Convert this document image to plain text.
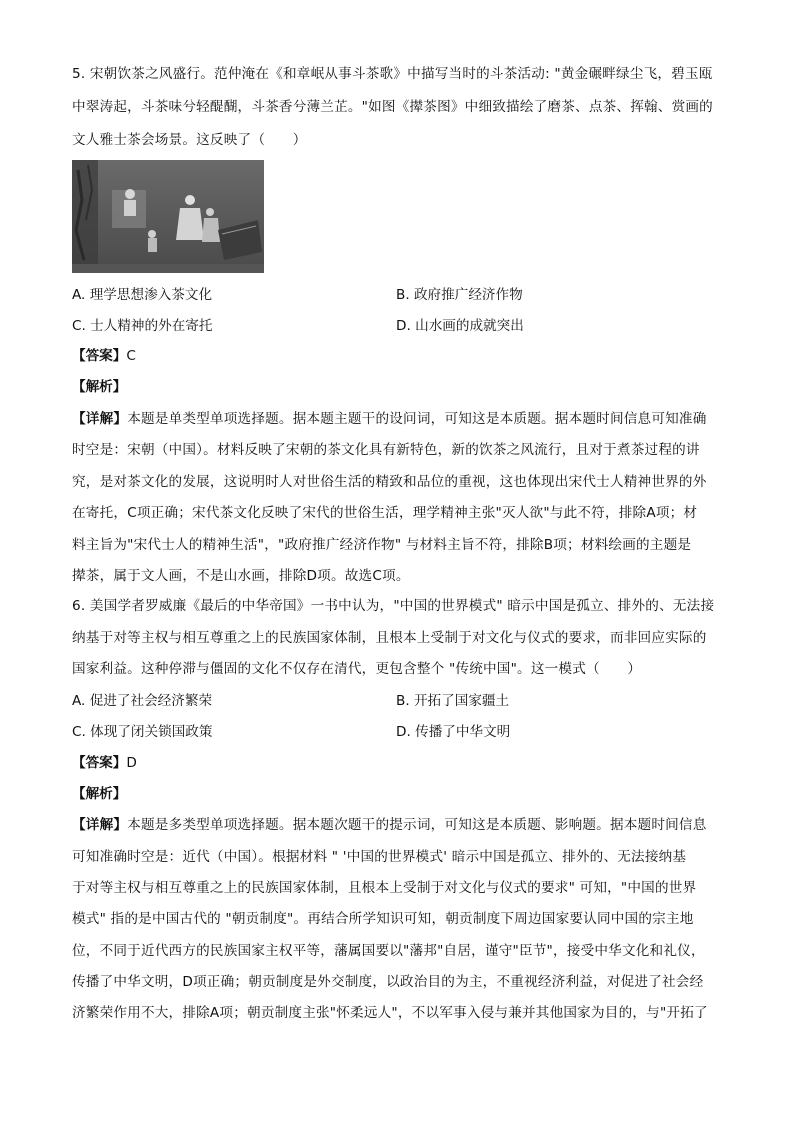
5. 宋朝饮茶之风盛行。范仲淹在《和章岷从事斗茶歌》中描写当时的斗茶活动: "黄金碾畔绿尘飞，碧玉瓯
中翠涛起，斗茶味兮轻醍醐，斗茶香兮薄兰芷。"如图《撵茶图》中细致描绘了磨茶、点茶、挥翰、赏画的
文人雅士茶会场景。这反映了（　　）
A. 理学思想渗入茶文化	B. 政府推广经济作物
C. 士人精神的外在寄托	D. 山水画的成就突出
【答案】C
【解析】
【详解】本题是单类型单项选择题。据本题主题干的设问词，可知这是本质题。据本题时间信息可知准确
时空是：宋朝（中国）。材料反映了宋朝的茶文化具有新特色，新的饮茶之风流行，且对于煮茶过程的讲
究，是对茶文化的发展，这说明时人对世俗生活的精致和品位的重视，这也体现出宋代士人精神世界的外
在寄托，C项正确；宋代茶文化反映了宋代的世俗生活，理学精神主张"灭人欲"与此不符，排除A项；材
料主旨为"宋代士人的精神生活"，"政府推广经济作物" 与材料主旨不符，排除B项；材料绘画的主题是
撵茶，属于文人画，不是山水画，排除D项。故选C项。
6. 美国学者罗威廉《最后的中华帝国》一书中认为，"中国的世界模式" 暗示中国是孤立、排外的、无法接
纳基于对等主权与相互尊重之上的民族国家体制，且根本上受制于对文化与仪式的要求，而非回应实际的
国家利益。这种停滞与僵固的文化不仅存在清代，更包含整个 "传统中国"。这一模式（　　）
A. 促进了社会经济繁荣	B. 开拓了国家疆土
C. 体现了闭关锁国政策	D. 传播了中华文明
【答案】D
【解析】
【详解】本题是多类型单项选择题。据本题次题干的提示词，可知这是本质题、影响题。据本题时间信息
可知准确时空是：近代（中国）。根据材料 " '中国的世界模式' 暗示中国是孤立、排外的、无法接纳基
于对等主权与相互尊重之上的民族国家体制，且根本上受制于对文化与仪式的要求" 可知，"中国的世界
模式" 指的是中国古代的 "朝贡制度"。再结合所学知识可知，朝贡制度下周边国家要认同中国的宗主地
位，不同于近代西方的民族国家主权平等，藩属国要以"藩邦"自居，谨守"臣节"，接受中华文化和礼仪，
传播了中华文明，D项正确；朝贡制度是外交制度，以政治目的为主，不重视经济利益，对促进了社会经
济繁荣作用不大，排除A项；朝贡制度主张"怀柔远人"，不以军事入侵与兼并其他国家为目的，与"开拓了
